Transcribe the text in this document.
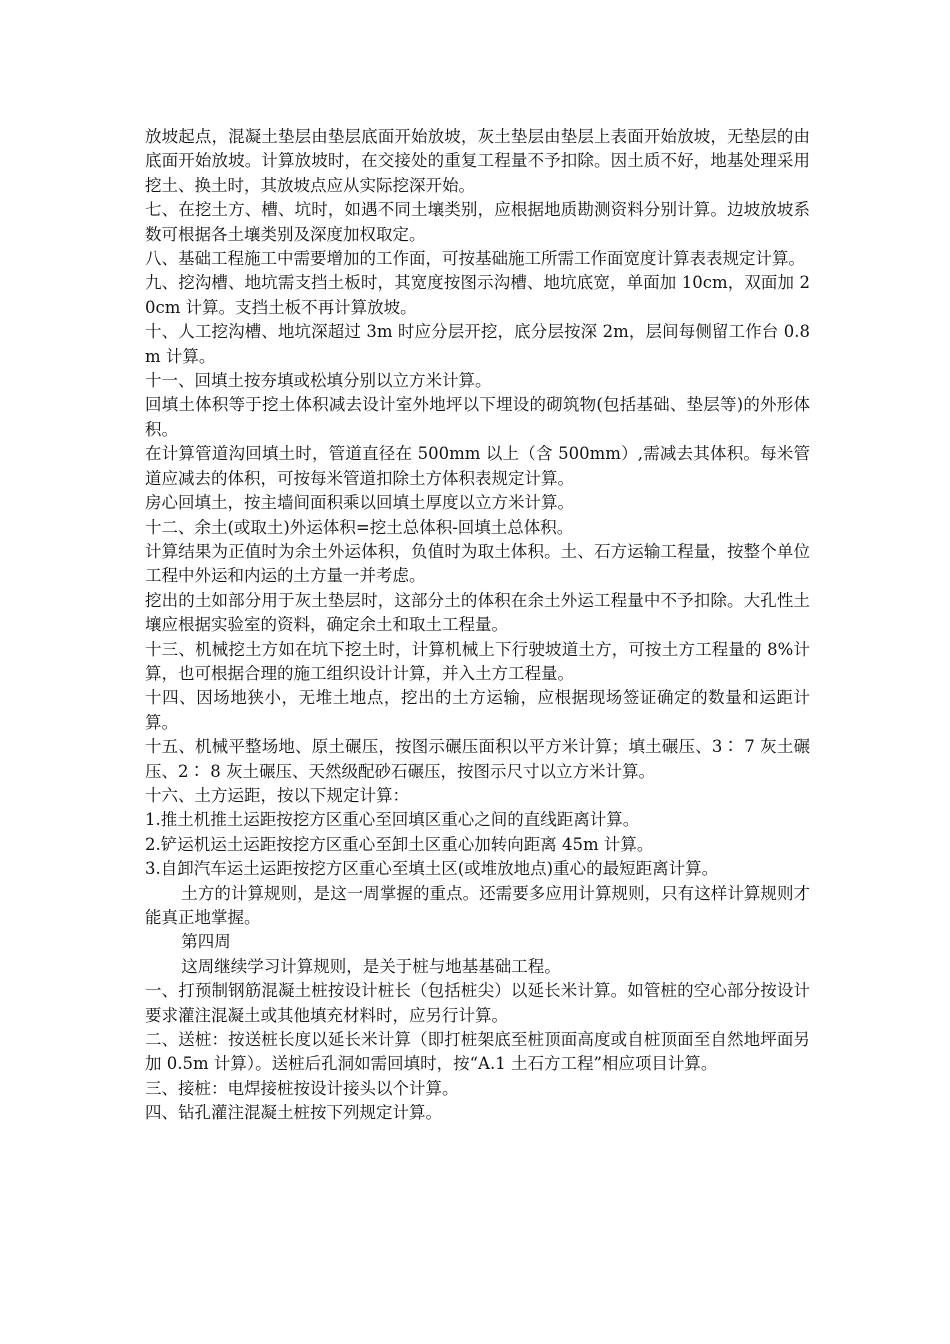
放坡起点，混凝土垫层由垫层底面开始放坡，灰土垫层由垫层上表面开始放坡，无垫层的由底面开始放坡。计算放坡时，在交接处的重复工程量不予扣除。因土质不好，地基处理采用挖土、换土时，其放坡点应从实际挖深开始。

七、在挖土方、槽、坑时，如遇不同土壤类别，应根据地质勘测资料分别计算。边坡放坡系数可根据各土壤类别及深度加权取定。

八、基础工程施工中需要增加的工作面，可按基础施工所需工作面宽度计算表表规定计算。

九、挖沟槽、地坑需支挡土板时，其宽度按图示沟槽、地坑底宽，单面加 10cm，双面加 20cm 计算。支挡土板不再计算放坡。

十、人工挖沟槽、地坑深超过 3m 时应分层开挖，底分层按深 2m，层间每侧留工作台 0.8m 计算。

十一、回填土按夯填或松填分别以立方米计算。

回填土体积等于挖土体积减去设计室外地坪以下埋设的砌筑物(包括基础、垫层等)的外形体积。

在计算管道沟回填土时，管道直径在 500mm 以上（含 500mm）,需减去其体积。每米管道应减去的体积，可按每米管道扣除土方体积表规定计算。

房心回填土，按主墙间面积乘以回填土厚度以立方米计算。

十二、余土(或取土)外运体积=挖土总体积-回填土总体积。

计算结果为正值时为余土外运体积，负值时为取土体积。土、石方运输工程量，按整个单位工程中外运和内运的土方量一并考虑。

挖出的土如部分用于灰土垫层时，这部分土的体积在余土外运工程量中不予扣除。大孔性土壤应根据实验室的资料，确定余土和取土工程量。

十三、机械挖土方如在坑下挖土时，计算机械上下行驶坡道土方，可按土方工程量的 8%计算，也可根据合理的施工组织设计计算，并入土方工程量。

十四、因场地狭小，无堆土地点，挖出的土方运输，应根据现场签证确定的数量和运距计算。

十五、机械平整场地、原土碾压，按图示碾压面积以平方米计算；填土碾压、3∶ 7 灰土碾压、2∶ 8 灰土碾压、天然级配砂石碾压，按图示尺寸以立方米计算。

十六、土方运距，按以下规定计算：

1.推土机推土运距按挖方区重心至回填区重心之间的直线距离计算。

2.铲运机运土运距按挖方区重心至卸土区重心加转向距离 45m 计算。

3.自卸汽车运土运距按挖方区重心至填土区(或堆放地点)重心的最短距离计算。

土方的计算规则，是这一周掌握的重点。还需要多应用计算规则，只有这样计算规则才能真正地掌握。

第四周

这周继续学习计算规则，是关于桩与地基基础工程。

一、打预制钢筋混凝土桩按设计桩长（包括桩尖）以延长米计算。如管桩的空心部分按设计要求灌注混凝土或其他填充材料时，应另行计算。

二、送桩：按送桩长度以延长米计算（即打桩架底至桩顶面高度或自桩顶面至自然地坪面另加 0.5m 计算）。送桩后孔洞如需回填时，按“A.1 土石方工程”相应项目计算。

三、接桩：电焊接桩按设计接头以个计算。

四、钻孔灌注混凝土桩按下列规定计算。
